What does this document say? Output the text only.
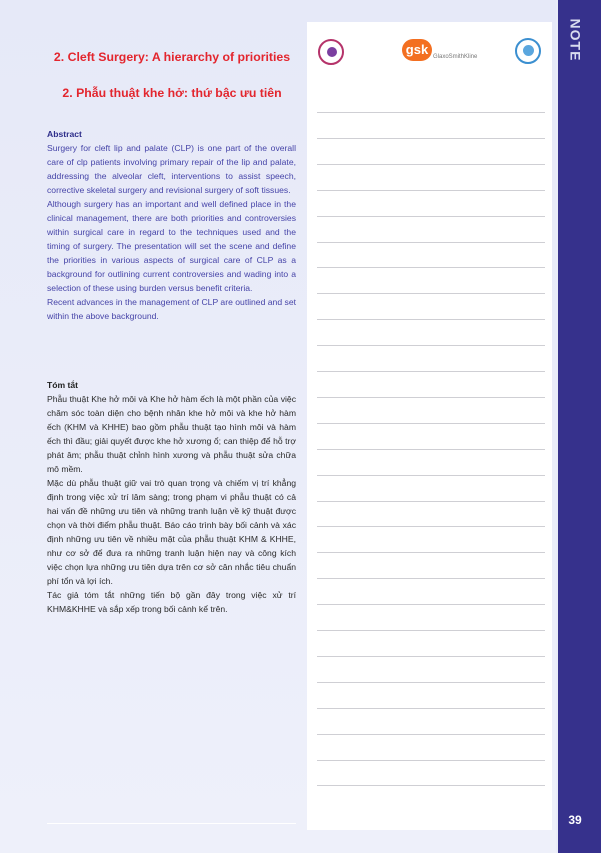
2. Cleft Surgery: A hierarchy of priorities
2. Phẫu thuật khe hở: thứ bậc ưu tiên
Abstract

Surgery for cleft lip and palate (CLP) is one part of the overall care of clp patients involving primary repair of the lip and palate, addressing the alveolar cleft, interventions to assist speech, corrective skeletal surgery and revisional surgery of soft tissues.

Although surgery has an important and well defined place in the clinical management, there are both priorities and controversies within surgical care in regard to the techniques used and the timing of surgery. The presentation will set the scene and define the priorities in various aspects of surgical care of CLP as a background for outlining current controversies and wading into a selection of these using burden versus benefit criteria.

Recent advances in the management of CLP are outlined and set within the above background.

Tóm tắt

Phẫu thuật Khe hở môi và Khe hở hàm ếch là một phần của việc chăm sóc toàn diện cho bệnh nhân khe hở môi và khe hở hàm ếch (KHM và KHHE) bao gồm phẫu thuật tạo hình môi và hàm ếch thì đầu; giải quyết được khe hở xương ổ; can thiệp để hỗ trợ phát âm; phẫu thuật chỉnh hình xương và phẫu thuật sửa chữa mô mềm.

Mặc dù phẫu thuật giữ vai trò quan trọng và chiếm vị trí khẳng định trong việc xử trí lâm sàng; trong phạm vi phẫu thuật có cả hai vấn đề những ưu tiên và những tranh luận về kỹ thuật được chọn và thời điểm phẫu thuật. Báo cáo trình bày bối cảnh và xác định những ưu tiên về nhiều mặt của phẫu thuật KHM & KHHE, như cơ sở để đưa ra những tranh luận hiện nay và công kích việc chọn lựa những ưu tiên dựa trên cơ sở cân nhắc tiêu chuẩn phí tổn và lợi ích.

Tác giả tóm tắt những tiến bộ gần đây trong việc xử trí KHM&KHHE và sắp xếp trong bối cảnh kể trên.

gsk GlaxoSmithKline	NOTE
39
